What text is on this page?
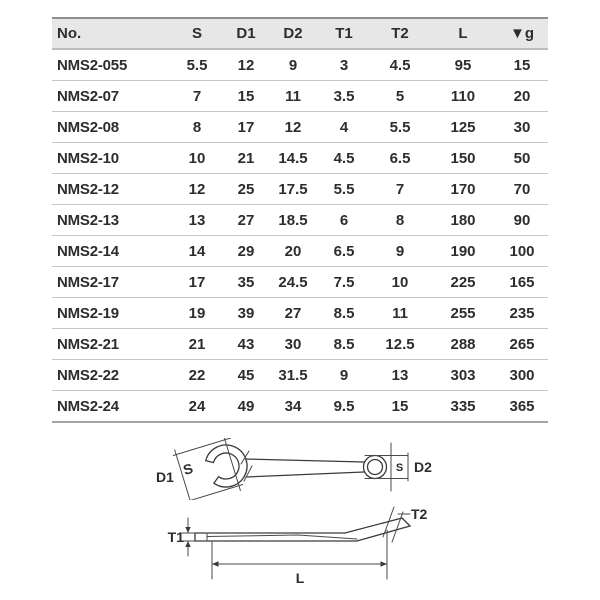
No.	S	D1	D2	T1	T2	L	▼g
NMS2-055	5.5	12	9	3	4.5	95	15
NMS2-07	7	15	11	3.5	5	110	20
NMS2-08	8	17	12	4	5.5	125	30
NMS2-10	10	21	14.5	4.5	6.5	150	50
NMS2-12	12	25	17.5	5.5	7	170	70
NMS2-13	13	27	18.5	6	8	180	90
NMS2-14	14	29	20	6.5	9	190	100
NMS2-17	17	35	24.5	7.5	10	225	165
NMS2-19	19	39	27	8.5	11	255	235
NMS2-21	21	43	30	8.5	12.5	288	265
NMS2-22	22	45	31.5	9	13	303	300
NMS2-24	24	49	34	9.5	15	335	365
D1 S	S D2
T1
T2
L
